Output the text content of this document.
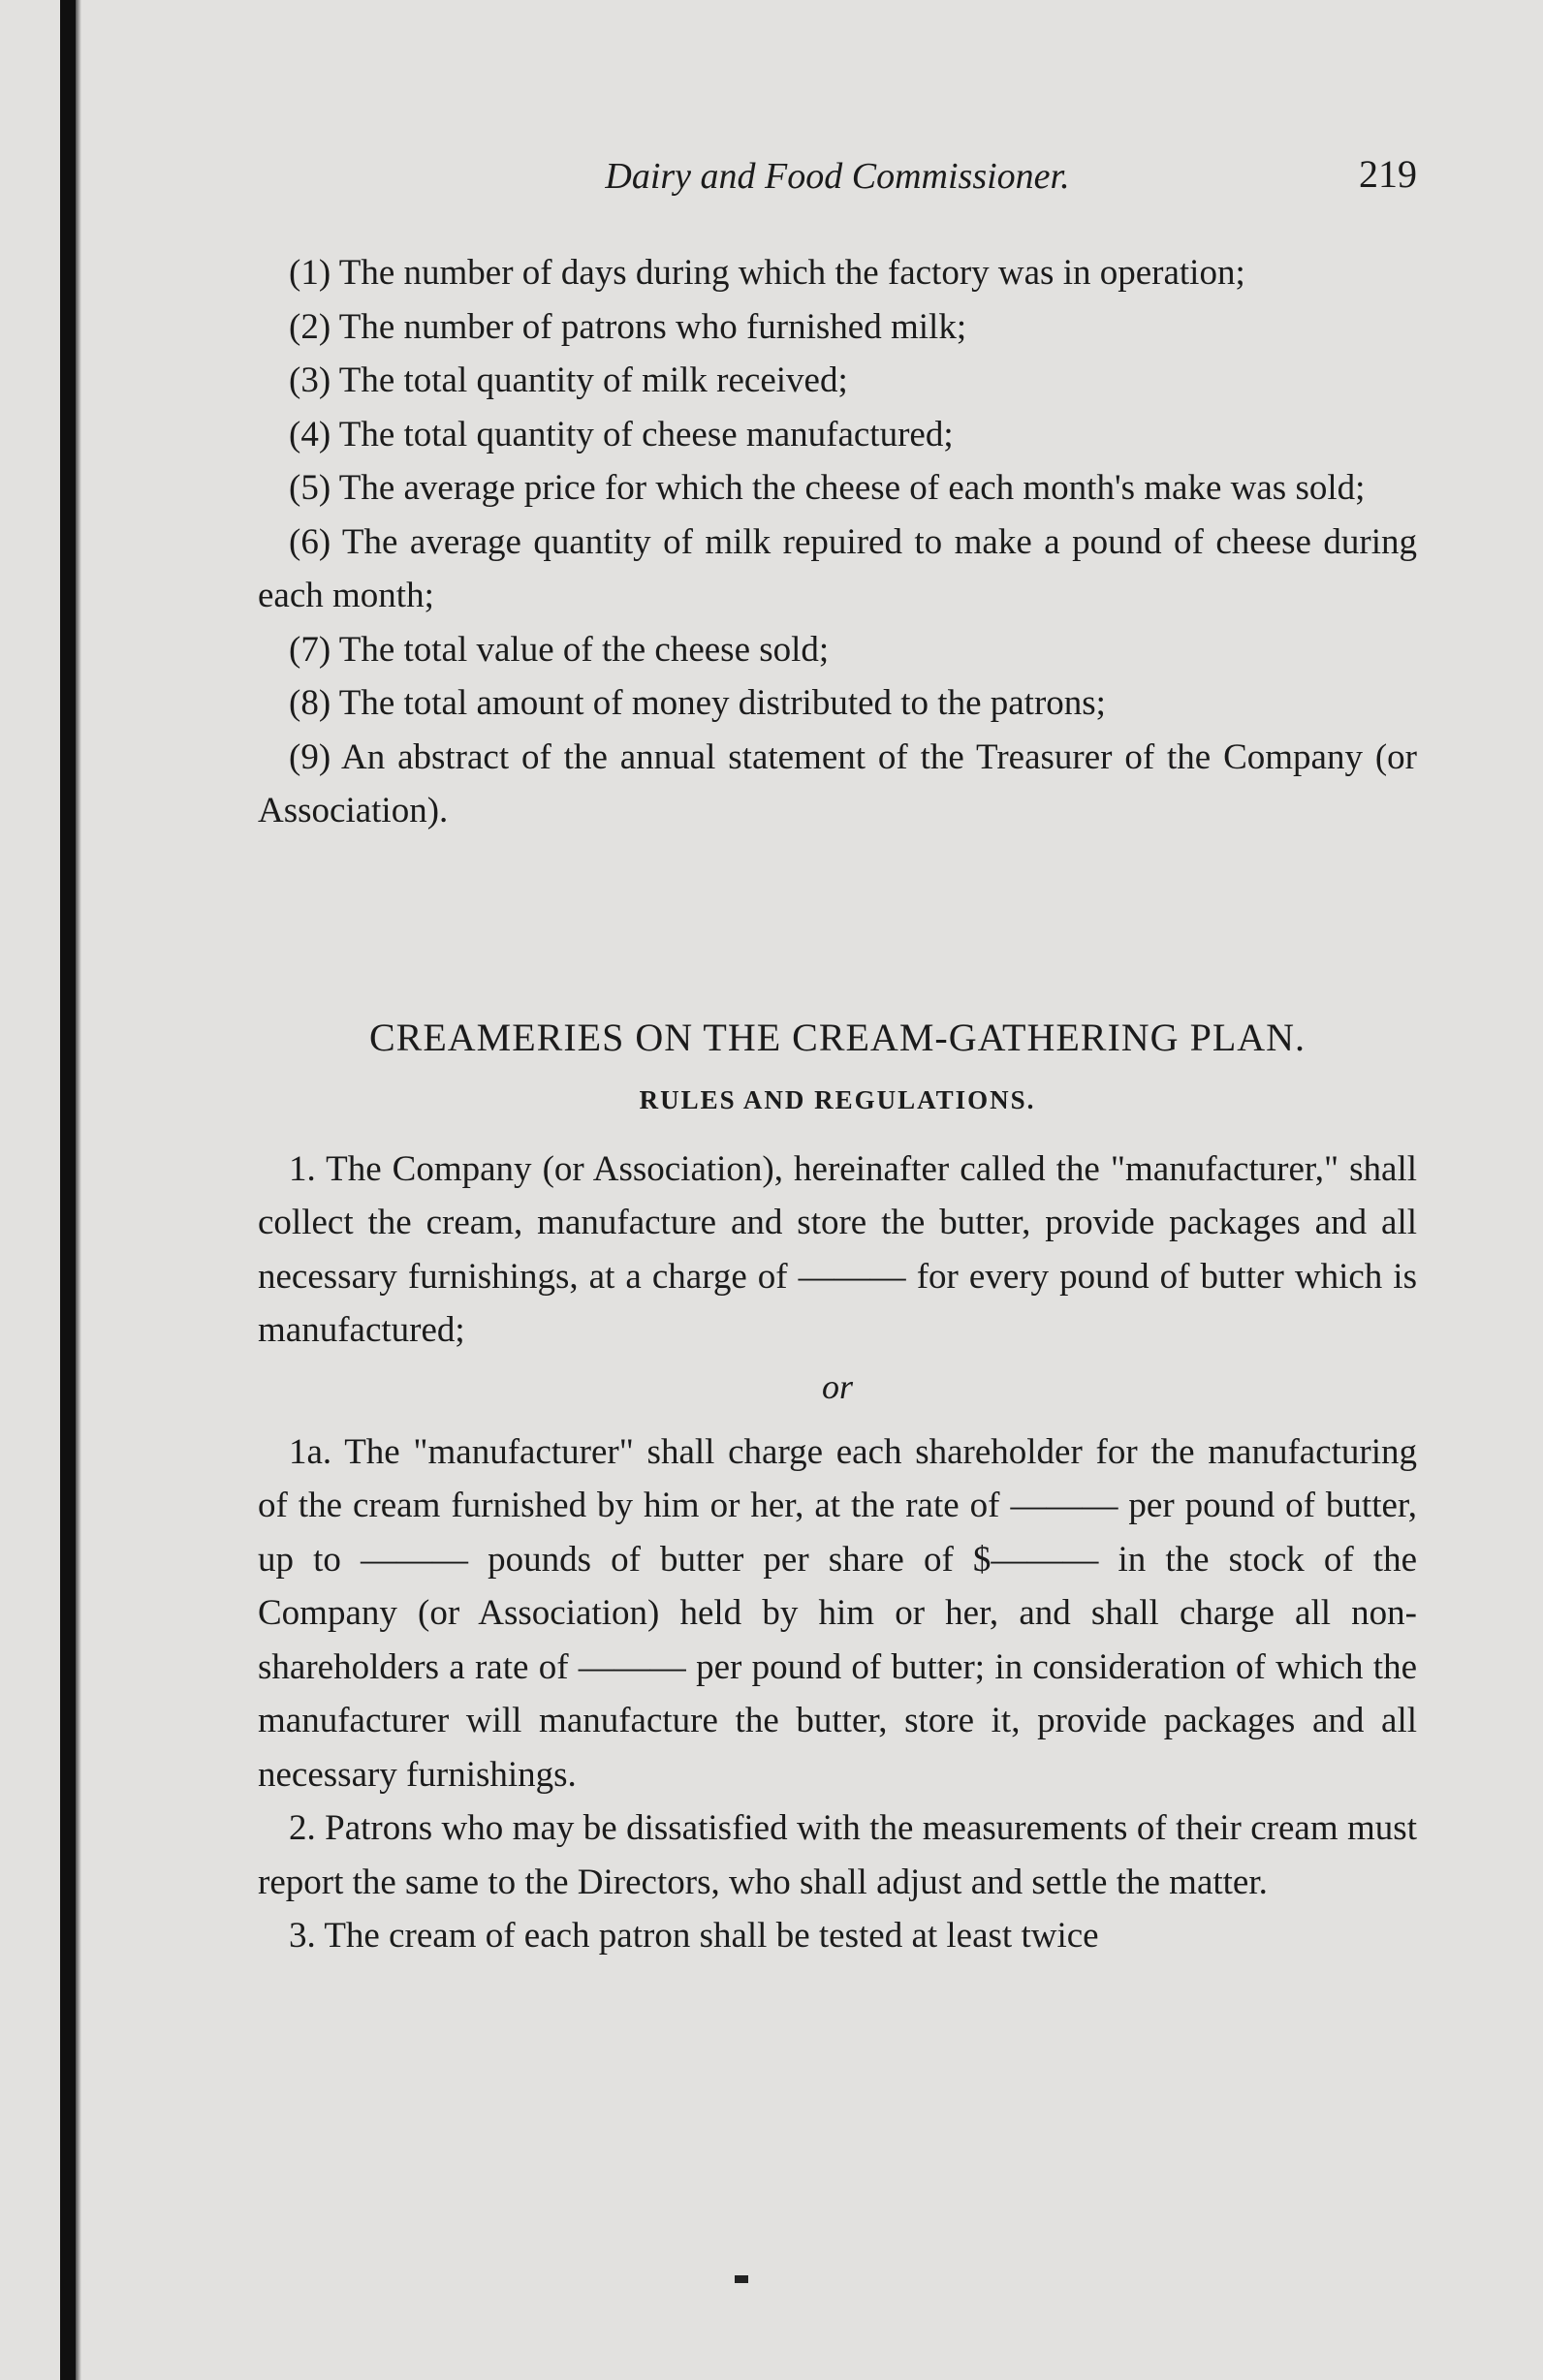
Dairy and Food Commissioner.	219

(1) The number of days during which the factory was in operation;

(2) The number of patrons who furnished milk;

(3) The total quantity of milk received;

(4) The total quantity of cheese manufactured;

(5) The average price for which the cheese of each month's make was sold;

(6) The average quantity of milk repuired to make a pound of cheese during each month;

(7) The total value of the cheese sold;

(8) The total amount of money distributed to the patrons;

(9) An abstract of the annual statement of the Treasurer of the Company (or Association).

CREAMERIES ON THE CREAM-GATHERING PLAN.
RULES AND REGULATIONS.

1. The Company (or Association), hereinafter called the "manufacturer," shall collect the cream, manufacture and store the butter, provide packages and all necessary furnishings, at a charge of ——— for every pound of butter which is manufactured;

or

1a. The "manufacturer" shall charge each shareholder for the manufacturing of the cream furnished by him or her, at the rate of ——— per pound of butter, up to ——— pounds of butter per share of $——— in the stock of the Company (or Association) held by him or her, and shall charge all non-shareholders a rate of ——— per pound of butter; in consideration of which the manufacturer will manufacture the butter, store it, provide packages and all necessary furnishings.

2. Patrons who may be dissatisfied with the measurements of their cream must report the same to the Directors, who shall adjust and settle the matter.

3. The cream of each patron shall be tested at least twice
